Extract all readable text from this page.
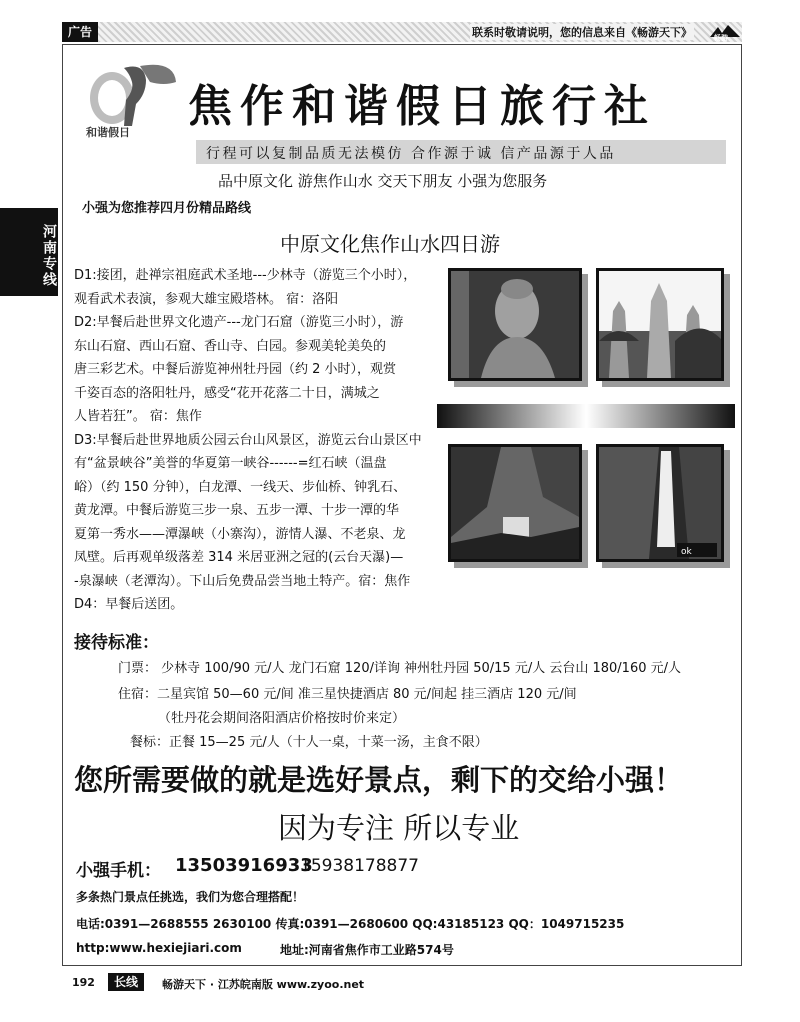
广告	联系时敬请说明，您的信息来自《畅游天下》	畅游
河南专线
和谐假日
焦作和谐假日旅行社
行程可以复制品质无法模仿 合作源于诚 信产品源于人品
品中原文化 游焦作山水 交天下朋友 小强为您服务
小强为您推荐四月份精品路线
中原文化焦作山水四日游
D1:接团，赴禅宗祖庭武术圣地---少林寺（游览三个小时），
观看武术表演，参观大雄宝殿塔林。 宿：洛阳
D2:早餐后赴世界文化遗产---龙门石窟（游览三小时），游
东山石窟、西山石窟、香山寺、白园。参观美轮美奂的
唐三彩艺术。中餐后游览神州牡丹园（约 2 小时），观赏
千姿百态的洛阳牡丹，感受“花开花落二十日，满城之
人皆若狂”。 宿：焦作
D3:早餐后赴世界地质公园云台山风景区，游览云台山景区中
有“盆景峡谷”美誉的华夏第一峡谷------=红石峡（温盘
峪）（约 150 分钟），白龙潭、一线天、步仙桥、钟乳石、
黄龙潭。中餐后游览三步一泉、五步一潭、十步一潭的华
夏第一秀水——潭瀑峡（小寨沟），游情人瀑、不老泉、龙
凤壁。后再观单级落差 314 米居亚洲之冠的(云台天瀑)—
-泉瀑峡（老潭沟）。下山后免费品尝当地土特产。宿：焦作
D4：早餐后送团。
ok
接待标准：
门票： 少林寺 100/90 元/人 龙门石窟 120/详询 神州牡丹园 50/15 元/人 云台山 180/160 元/人
住宿：二星宾馆 50—60 元/间 准三星快捷酒店 80 元/间起 挂三酒店 120 元/间
（牡丹花会期间洛阳酒店价格按时价来定）
餐标：正餐 15—25 元/人（十人一桌，十菜一汤，主食不限）
您所需要做的就是选好景点，剩下的交给小强！
因为专注 所以专业
小强手机： 13503916933
15938178877
多条热门景点任挑选，我们为您合理搭配！
电话:0391—2688555 2630100 传真:0391—2680600 QQ:43185123 QQ：1049715235
http:www.hexiejiari.com	地址:河南省焦作市工业路574号
192	长线	畅游天下 · 江苏皖南版 www.zyoo.net
